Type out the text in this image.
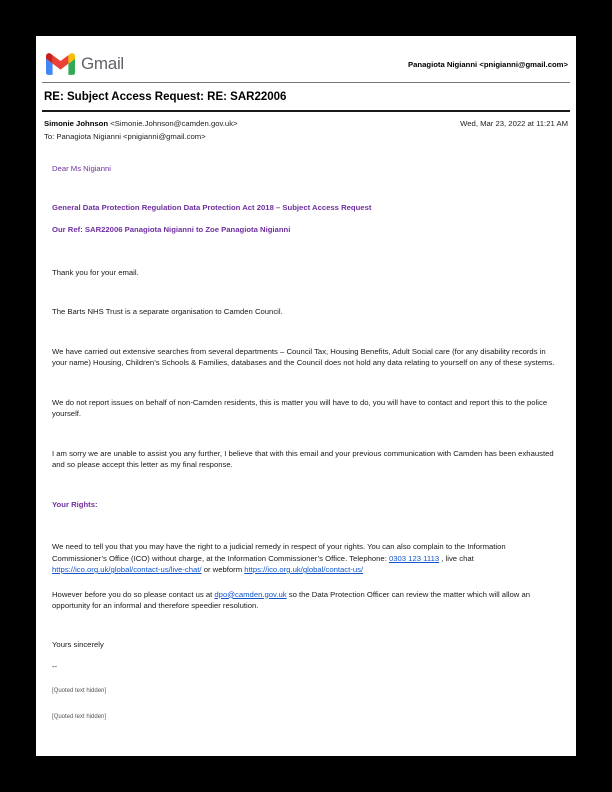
Gmail	Panagiota Nigianni <pnigianni@gmail.com>
RE: Subject Access Request: RE: SAR22006
Simonie Johnson <Simonie.Johnson@camden.gov.uk>
To: Panagiota Nigianni <pnigianni@gmail.com>
Wed, Mar 23, 2022 at 11:21 AM

Dear Ms Nigianni

General Data Protection Regulation Data Protection Act 2018 – Subject Access Request

Our Ref: SAR22006 Panagiota Nigianni to Zoe Panagiota Nigianni

Thank you for your email.

The Barts NHS Trust is a separate organisation to Camden Council.

We have carried out extensive searches from several departments – Council Tax, Housing Benefits, Adult Social care (for any disability records in your name) Housing, Children’s Schools & Families, databases and the Council does not hold any data relating to yourself on any of these systems.

We do not report issues on behalf of non-Camden residents, this is matter you will have to do, you will have to contact and report this to the police yourself.

I am sorry we are unable to assist you any further, I believe that with this email and your previous communication with Camden has been exhausted and so please accept this letter as my final response.

Your Rights:

We need to tell you that you may have the right to a judicial remedy in respect of your rights. You can also complain to the Information Commissioner’s Office (ICO) without charge, at the Information Commissioner’s Office. Telephone: 0303 123 1113 , live chat https://ico.org.uk/global/contact-us/live-chat/ or webform https://ico.org.uk/global/contact-us/

However before you do so please contact us at dpo@camden.gov.uk so the Data Protection Officer can review the matter which will allow an opportunity for an informal and therefore speedier resolution.

Yours sincerely

--

[Quoted text hidden]

[Quoted text hidden]
